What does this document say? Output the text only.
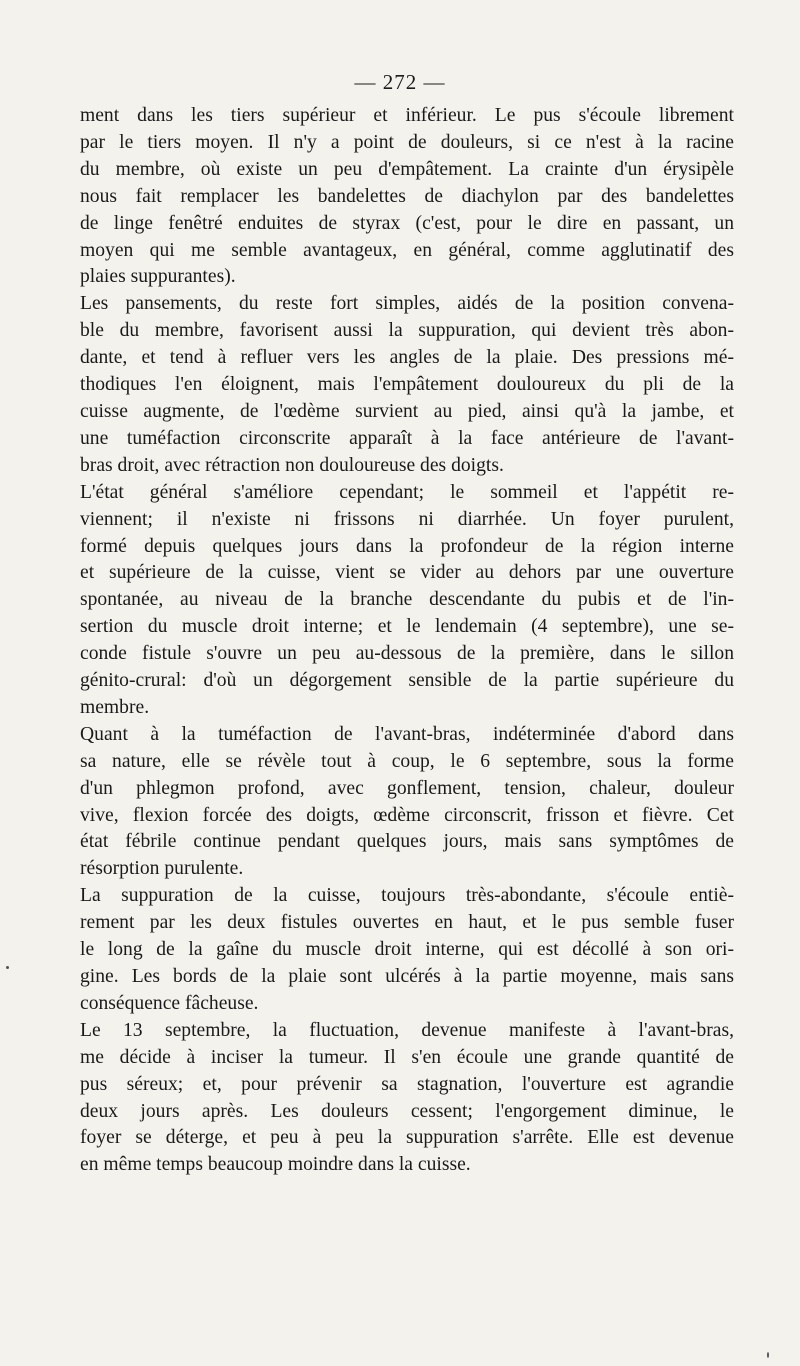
— 272 —
ment dans les tiers supérieur et inférieur. Le pus s'écoule librement
par le tiers moyen. Il n'y a point de douleurs, si ce n'est à la racine
du membre, où existe un peu d'empâtement. La crainte d'un érysipèle
nous fait remplacer les bandelettes de diachylon par des bandelettes
de linge fenêtré enduites de styrax (c'est, pour le dire en passant, un
moyen qui me semble avantageux, en général, comme agglutinatif des
plaies suppurantes).
Les pansements, du reste fort simples, aidés de la position convena-
ble du membre, favorisent aussi la suppuration, qui devient très abon-
dante, et tend à refluer vers les angles de la plaie. Des pressions mé-
thodiques l'en éloignent, mais l'empâtement douloureux du pli de la
cuisse augmente, de l'œdème survient au pied, ainsi qu'à la jambe, et
une tuméfaction circonscrite apparaît à la face antérieure de l'avant-
bras droit, avec rétraction non douloureuse des doigts.
L'état général s'améliore cependant; le sommeil et l'appétit re-
viennent; il n'existe ni frissons ni diarrhée. Un foyer purulent,
formé depuis quelques jours dans la profondeur de la région interne
et supérieure de la cuisse, vient se vider au dehors par une ouverture
spontanée, au niveau de la branche descendante du pubis et de l'in-
sertion du muscle droit interne; et le lendemain (4 septembre), une se-
conde fistule s'ouvre un peu au-dessous de la première, dans le sillon
génito-crural: d'où un dégorgement sensible de la partie supérieure du
membre.
Quant à la tuméfaction de l'avant-bras, indéterminée d'abord dans
sa nature, elle se révèle tout à coup, le 6 septembre, sous la forme
d'un phlegmon profond, avec gonflement, tension, chaleur, douleur
vive, flexion forcée des doigts, œdème circonscrit, frisson et fièvre. Cet
état fébrile continue pendant quelques jours, mais sans symptômes de
résorption purulente.
La suppuration de la cuisse, toujours très-abondante, s'écoule entiè-
rement par les deux fistules ouvertes en haut, et le pus semble fuser
le long de la gaîne du muscle droit interne, qui est décollé à son ori-
gine. Les bords de la plaie sont ulcérés à la partie moyenne, mais sans
conséquence fâcheuse.
Le 13 septembre, la fluctuation, devenue manifeste à l'avant-bras,
me décide à inciser la tumeur. Il s'en écoule une grande quantité de
pus séreux; et, pour prévenir sa stagnation, l'ouverture est agrandie
deux jours après. Les douleurs cessent; l'engorgement diminue, le
foyer se déterge, et peu à peu la suppuration s'arrête. Elle est devenue
en même temps beaucoup moindre dans la cuisse.
